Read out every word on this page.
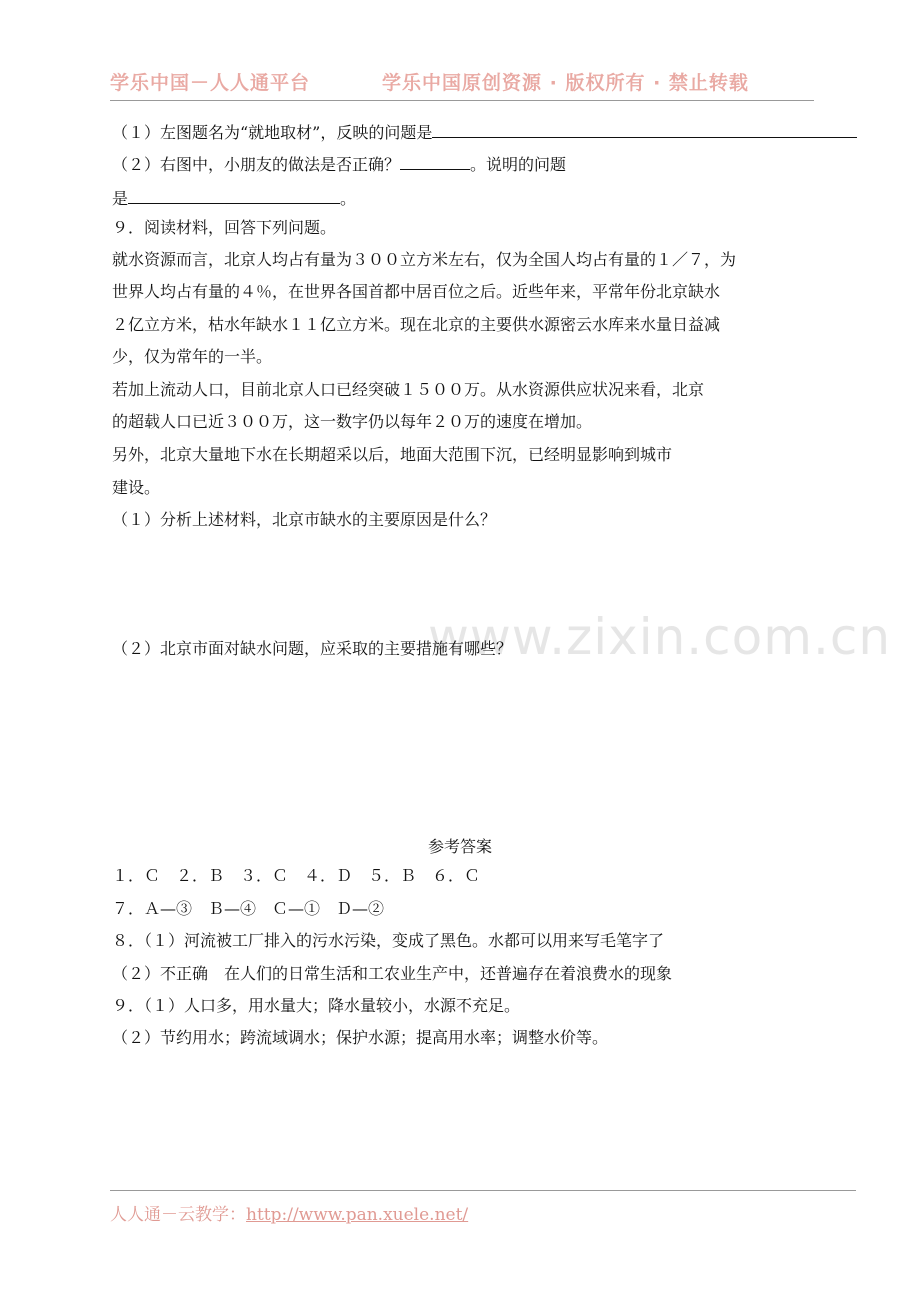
学乐中国－人人通平台	学乐中国原创资源 · 版权所有 · 禁止转载
（１）左图题名为“就地取材”，反映的问题是
（２）右图中，小朋友的做法是否正确？	。说明的问题
是	。
９．阅读材料，回答下列问题。
就水资源而言，北京人均占有量为３００立方米左右，仅为全国人均占有量的１／７，为
世界人均占有量的４％，在世界各国首都中居百位之后。近些年来，平常年份北京缺水
２亿立方米，枯水年缺水１１亿立方米。现在北京的主要供水源密云水库来水量日益减
少，仅为常年的一半。
若加上流动人口，目前北京人口已经突破１５００万。从水资源供应状况来看，北京
的超载人口已近３００万，这一数字仍以每年２０万的速度在增加。
另外，北京大量地下水在长期超采以后，地面大范围下沉，已经明显影响到城市
建设。
（１）分析上述材料，北京市缺水的主要原因是什么？
www.zixin.com.cn
（２）北京市面对缺水问题，应采取的主要措施有哪些？
参考答案
１．Ｃ　２．Ｂ　３．Ｃ　４．Ｄ　５．Ｂ　６．Ｃ
７．Ａ—③　Ｂ—④　Ｃ—①　Ｄ—②
８．（１）河流被工厂排入的污水污染，变成了黑色。水都可以用来写毛笔字了
（２）不正确　在人们的日常生活和工农业生产中，还普遍存在着浪费水的现象
９．（１）人口多，用水量大；降水量较小，水源不充足。
（２）节约用水；跨流域调水；保护水源；提高用水率；调整水价等。
人人通－云教学：http://www.pan.xuele.net/
